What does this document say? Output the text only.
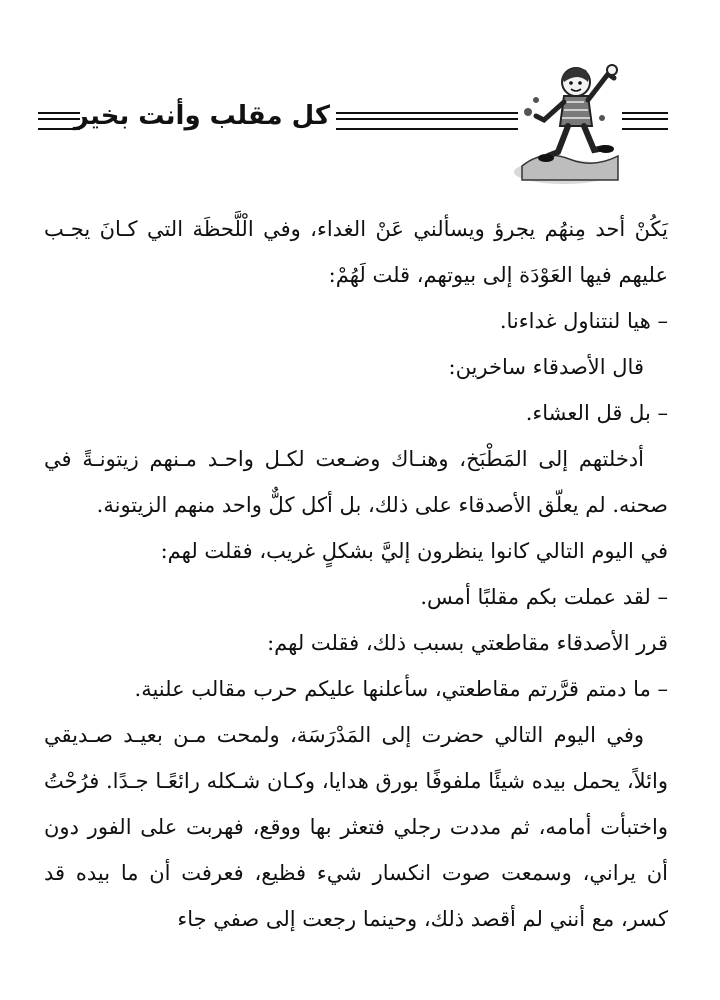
كل مقلب وأنت بخير

يَكُنْ أحد مِنهُم يجرؤ ويسألني عَنْ الغداء، وفي الْلَّحظَة التي كـانَ يجـب عليهم فيها العَوْدَة إلى بيوتهم، قلت لَهُمْ:

– هيا لنتناول غداءنا.

قال الأصدقاء ساخرين:

– بل قل العشاء.

أدخلتهم إلى المَطْبَخ، وهنـاك وضـعت لكـل واحـد مـنهم زيتونـةً في صحنه. لم يعلّق الأصدقاء على ذلك، بل أكل كلٌّ واحد منهم الزيتونة.

في اليوم التالي كانوا ينظرون إليَّ بشكلٍ غريب، فقلت لهم:

– لقد عملت بكم مقلبًا أمس.

قرر الأصدقاء مقاطعتي بسبب ذلك، فقلت لهم:

– ما دمتم قرَّرتم مقاطعتي، سأعلنها عليكم حرب مقالب علنية.

وفي اليوم التالي حضرت إلى المَدْرَسَة، ولمحت مـن بعيـد صـديقي وائلاً، يحمل بيده شيئًا ملفوفًا بورق هدايا، وكـان شـكله رائعًـا جـدًا. فرُحْتُ واختبأت أمامه، ثم مددت رجلي فتعثر بها ووقع، فهربت على الفور دون أن يراني، وسمعت صوت انكسار شيء فظيع، فعرفت أن ما بيده قد كسر، مع أنني لم أقصد ذلك، وحينما رجعت إلى صفي جاء
